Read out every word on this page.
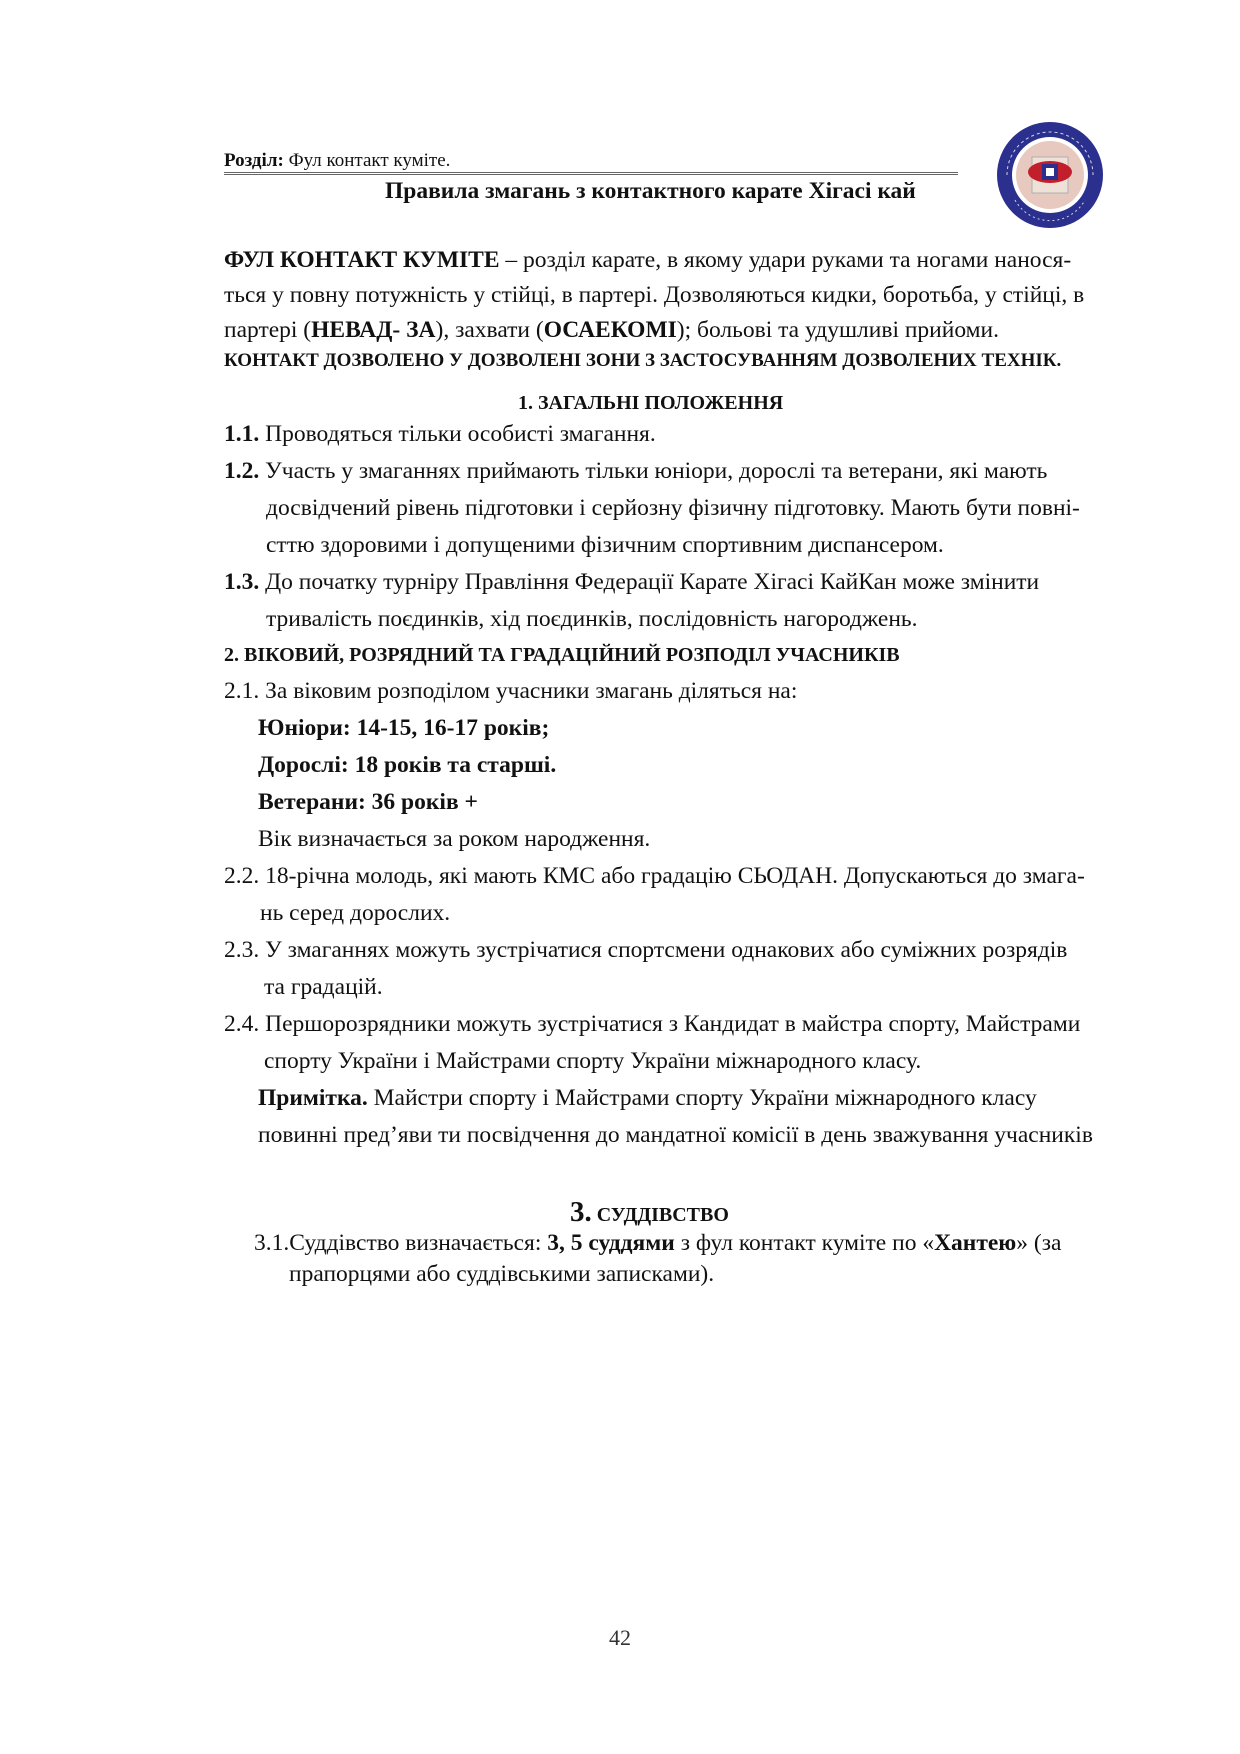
Розділ: Фул контакт куміте.
Правила змагань з контактного карате Хігасі кай
ФУЛ КОНТАКТ КУМІТЕ – розділ карате, в якому удари руками та ногами нанося-
ться у повну потужність у стійці, в партері. Дозволяються кидки, боротьба, у стійці, в
партері (НЕВАД- ЗА), захвати (ОСАЕКОМІ); больові та удушливі прийоми.
КОНТАКТ ДОЗВОЛЕНО У ДОЗВОЛЕНІ ЗОНИ З ЗАСТОСУВАННЯМ ДОЗВОЛЕНИХ ТЕХНІК.
1. ЗАГАЛЬНІ ПОЛОЖЕННЯ
1.1. Проводяться тільки особисті змагання.
1.2. Участь у змаганнях приймають тільки юніори, дорослі та ветерани, які мають
досвідчений рівень підготовки і серйозну фізичну підготовку. Мають бути повні-
сттю здоровими і допущеними фізичним спортивним диспансером.
1.3. До початку турніру Правління Федерації Карате Хігасі КайКан може змінити
тривалість поєдинків, хід поєдинків, послідовність нагороджень.
2. ВІКОВИЙ, РОЗРЯДНИЙ ТА ГРАДАЦІЙНИЙ РОЗПОДІЛ УЧАСНИКІВ
2.1. За віковим розподілом учасники змагань діляться на:
Юніори: 14-15, 16-17 років;
Дорослі: 18 років та старші.
Ветерани: 36 років +
Вік визначається за роком народження.
2.2. 18-річна молодь, які мають КМС або градацію СЬОДАН. Допускаються до змага-
нь серед дорослих.
2.3. У змаганнях можуть зустрічатися спортсмени однакових або суміжних розрядів
та градацій.
2.4. Першорозрядники можуть зустрічатися з Кандидат в майстра спорту, Майстрами
спорту України і Майстрами спорту України міжнародного класу.
Примітка. Майстри спорту і Майстрами спорту України міжнародного класу
повинні пред’яви ти посвідчення до мандатної комісії в день зважування учасників
3. СУДДІВСТВО
3.1.Суддівство визначається: 3, 5 суддями з фул контакт куміте по «Хантею» (за
прапорцями або суддівськими записками).
42
